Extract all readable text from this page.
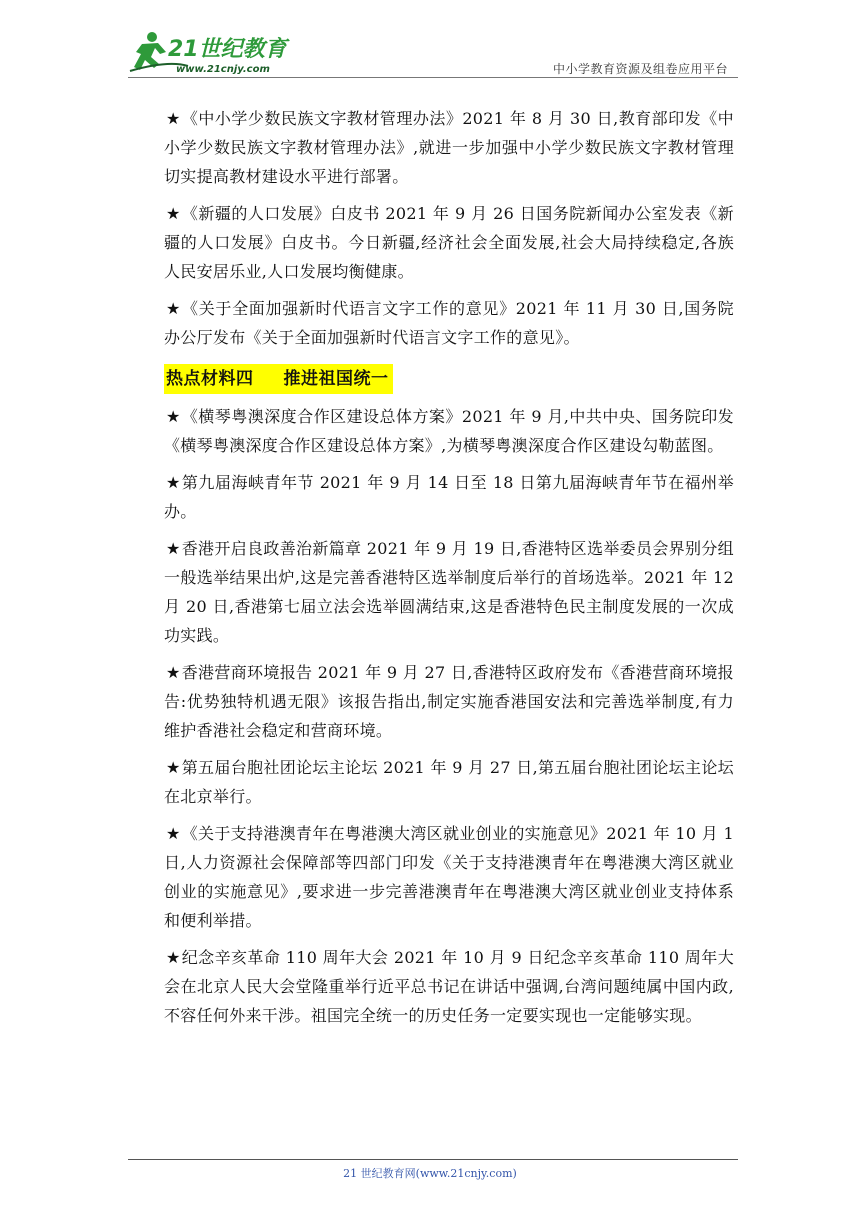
21世纪教育
www.21cnjy.com	中小学教育资源及组卷应用平台

★《中小学少数民族文字教材管理办法》2021 年 8 月 30 日,教育部印发《中小学少数民族文字教材管理办法》,就进一步加强中小学少数民族文字教材管理切实提高教材建设水平进行部署。

★《新疆的人口发展》白皮书 2021 年 9 月 26 日国务院新闻办公室发表《新疆的人口发展》白皮书。今日新疆,经济社会全面发展,社会大局持续稳定,各族人民安居乐业,人口发展均衡健康。

★《关于全面加强新时代语言文字工作的意见》2021 年 11 月 30 日,国务院办公厅发布《关于全面加强新时代语言文字工作的意见》。

热点材料四 推进祖国统一

★《横琴粤澳深度合作区建设总体方案》2021 年 9 月,中共中央、国务院印发《横琴粤澳深度合作区建设总体方案》,为横琴粤澳深度合作区建设勾勒蓝图。

★第九届海峡青年节 2021 年 9 月 14 日至 18 日第九届海峡青年节在福州举办。

★香港开启良政善治新篇章 2021 年 9 月 19 日,香港特区选举委员会界别分组一般选举结果出炉,这是完善香港特区选举制度后举行的首场选举。2021 年 12 月 20 日,香港第七届立法会选举圆满结束,这是香港特色民主制度发展的一次成功实践。

★香港营商环境报告 2021 年 9 月 27 日,香港特区政府发布《香港营商环境报告:优势独特机遇无限》该报告指出,制定实施香港国安法和完善选举制度,有力维护香港社会稳定和营商环境。

★第五届台胞社团论坛主论坛 2021 年 9 月 27 日,第五届台胞社团论坛主论坛在北京举行。

★《关于支持港澳青年在粤港澳大湾区就业创业的实施意见》2021 年 10 月 1 日,人力资源社会保障部等四部门印发《关于支持港澳青年在粤港澳大湾区就业创业的实施意见》,要求进一步完善港澳青年在粤港澳大湾区就业创业支持体系和便利举措。

★纪念辛亥革命 110 周年大会 2021 年 10 月 9 日纪念辛亥革命 110 周年大会在北京人民大会堂隆重举行近平总书记在讲话中强调,台湾问题纯属中国内政,不容任何外来干涉。祖国完全统一的历史任务一定要实现也一定能够实现。

21 世纪教育网(www.21cnjy.com)
